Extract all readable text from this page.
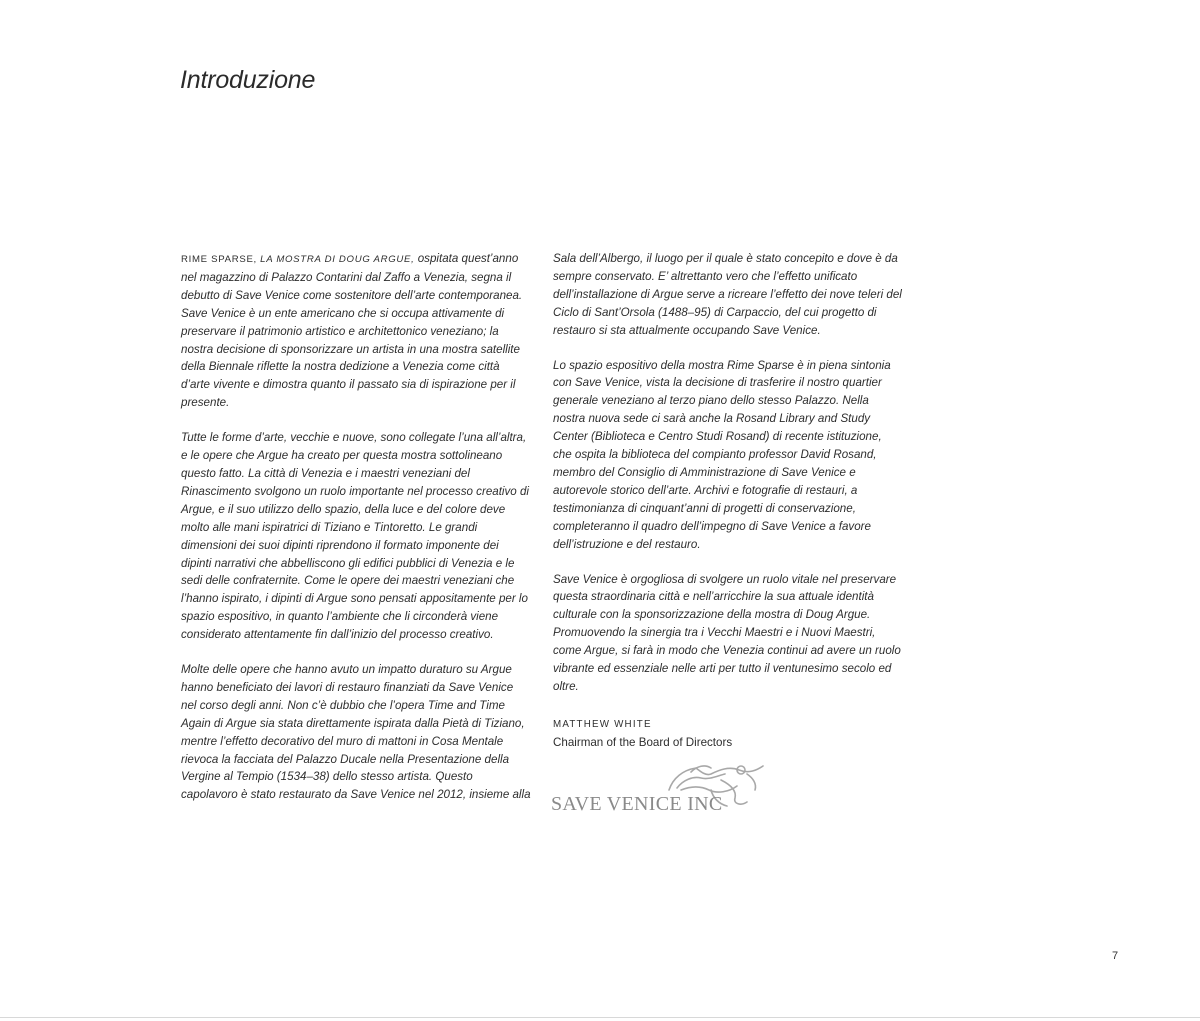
Introduzione

RIME SPARSE, LA MOSTRA DI DOUG ARGUE, ospitata quest’anno nel magazzino di Palazzo Contarini dal Zaffo a Venezia, segna il debutto di Save Venice come sostenitore dell’arte contemporanea. Save Venice è un ente americano che si occupa attivamente di preservare il patrimonio artistico e architettonico veneziano; la nostra decisione di sponsorizzare un artista in una mostra satellite della Biennale riflette la nostra dedizione a Venezia come città d’arte vivente e dimostra quanto il passato sia di ispirazione per il presente.

Tutte le forme d’arte, vecchie e nuove, sono collegate l’una all’altra, e le opere che Argue ha creato per questa mostra sottolineano questo fatto. La città di Venezia e i maestri veneziani del Rinascimento svolgono un ruolo importante nel processo creativo di Argue, e il suo utilizzo dello spazio, della luce e del colore deve molto alle mani ispiratrici di Tiziano e Tintoretto. Le grandi dimensioni dei suoi dipinti riprendono il formato imponente dei dipinti narrativi che abbelliscono gli edifici pubblici di Venezia e le sedi delle confraternite. Come le opere dei maestri veneziani che l’hanno ispirato, i dipinti di Argue sono pensati appositamente per lo spazio espositivo, in quanto l’ambiente che li circonderà viene considerato attentamente fin dall’inizio del processo creativo.

Molte delle opere che hanno avuto un impatto duraturo su Argue hanno beneficiato dei lavori di restauro finanziati da Save Venice nel corso degli anni. Non c’è dubbio che l’opera Time and Time Again di Argue sia stata direttamente ispirata dalla Pietà di Tiziano, mentre l’effetto decorativo del muro di mattoni in Cosa Mentale rievoca la facciata del Palazzo Ducale nella Presentazione della Vergine al Tempio (1534–38) dello stesso artista. Questo capolavoro è stato restaurato da Save Venice nel 2012, insieme alla

Sala dell’Albergo, il luogo per il quale è stato concepito e dove è da sempre conservato. E’ altrettanto vero che l’effetto unificato dell’installazione di Argue serve a ricreare l’effetto dei nove teleri del Ciclo di Sant’Orsola (1488–95) di Carpaccio, del cui progetto di restauro si sta attualmente occupando Save Venice.

Lo spazio espositivo della mostra Rime Sparse è in piena sintonia con Save Venice, vista la decisione di trasferire il nostro quartier generale veneziano al terzo piano dello stesso Palazzo. Nella nostra nuova sede ci sarà anche la Rosand Library and Study Center (Biblioteca e Centro Studi Rosand) di recente istituzione, che ospita la biblioteca del compianto professor David Rosand, membro del Consiglio di Amministrazione di Save Venice e autorevole storico dell’arte. Archivi e fotografie di restauri, a testimonianza di cinquant’anni di progetti di conservazione, completeranno il quadro dell’impegno di Save Venice a favore dell’istruzione e del restauro.

Save Venice è orgogliosa di svolgere un ruolo vitale nel preservare questa straordinaria città e nell’arricchire la sua attuale identità culturale con la sponsorizzazione della mostra di Doug Argue. Promuovendo la sinergia tra i Vecchi Maestri e i Nuovi Maestri, come Argue, si farà in modo che Venezia continui ad avere un ruolo vibrante ed essenziale nelle arti per tutto il ventunesimo secolo ed oltre.

MATTHEW WHITE
Chairman of the Board of Directors
SAVE VENICE INC
7
